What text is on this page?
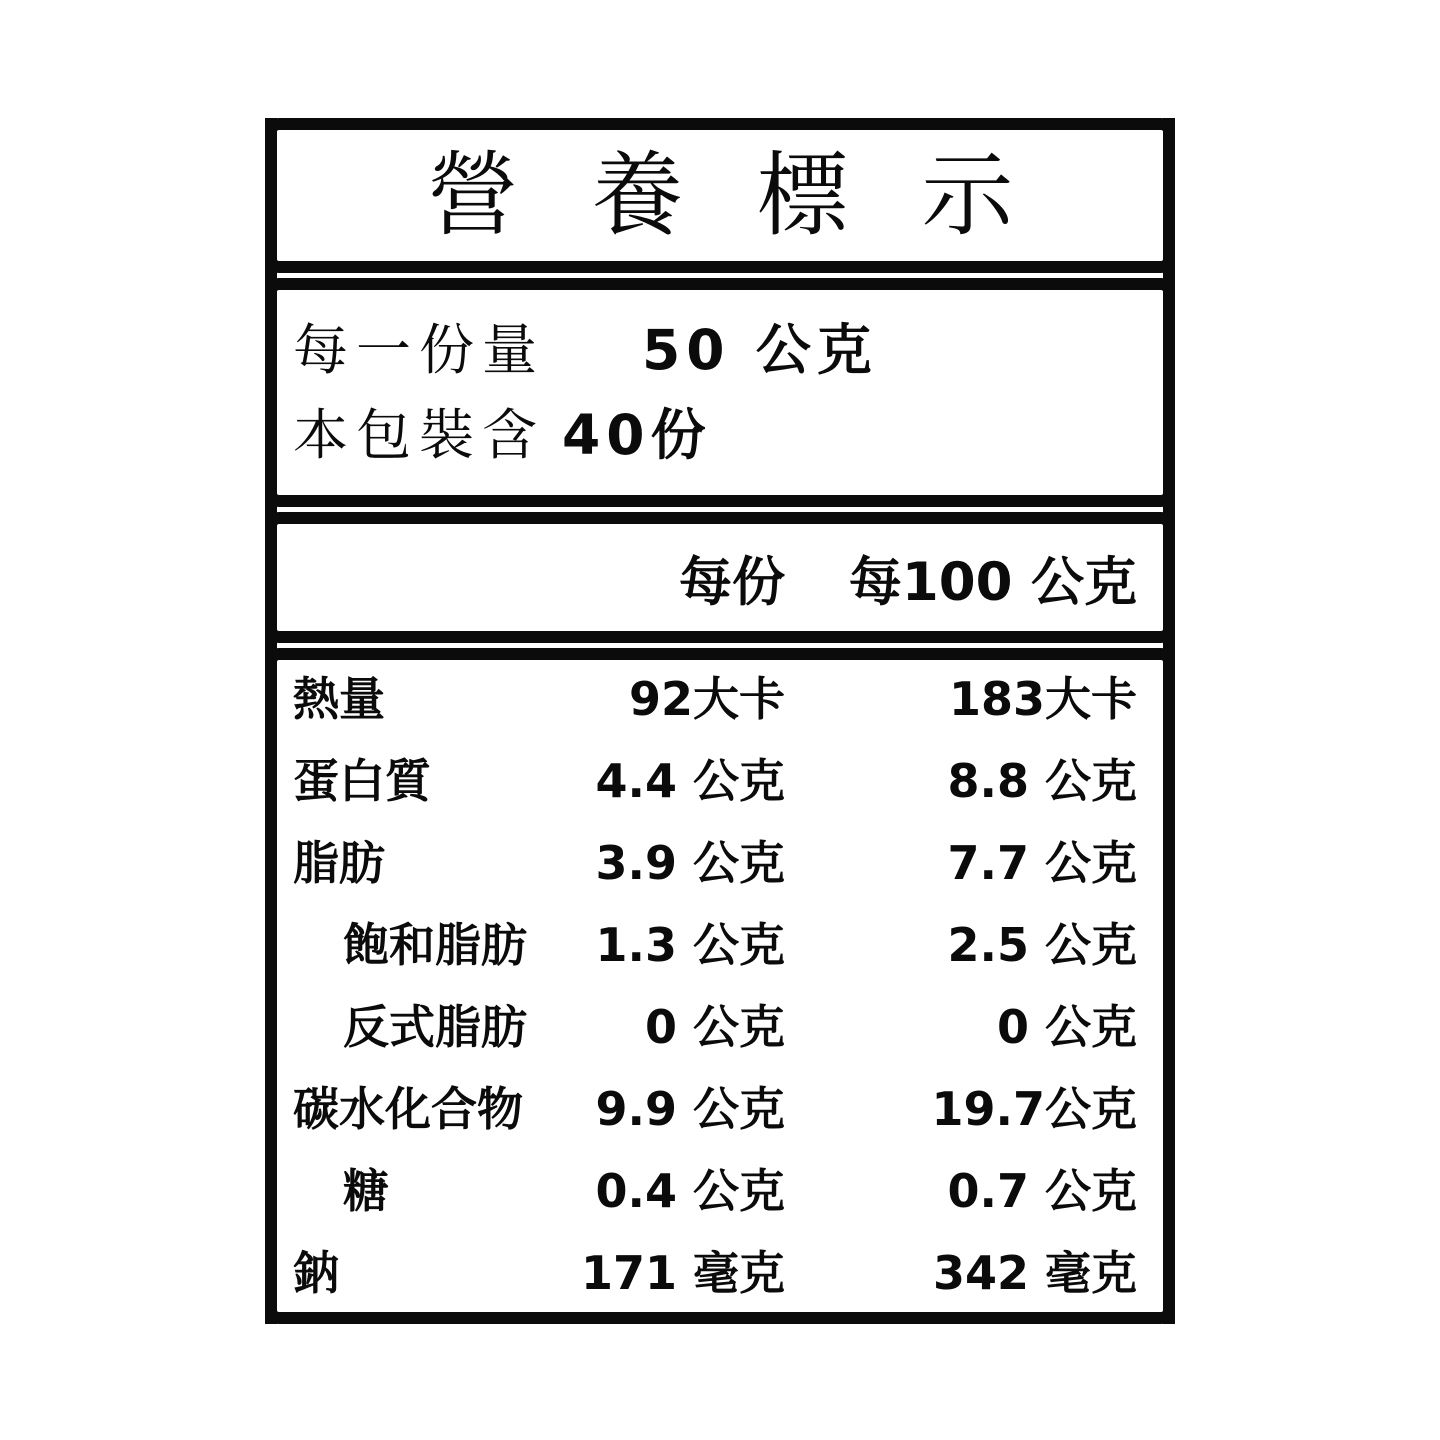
營養標示
每一份量 50 公克
本包裝含 40份
每份	每100 公克
熱量	92大卡	183大卡
蛋白質	4.4 公克	8.8 公克
脂肪	3.9 公克	7.7 公克
飽和脂肪	1.3 公克	2.5 公克
反式脂肪	0 公克	0 公克
碳水化合物	9.9 公克	19.7公克
糖	0.4 公克	0.7 公克
鈉	171 毫克	342 毫克
